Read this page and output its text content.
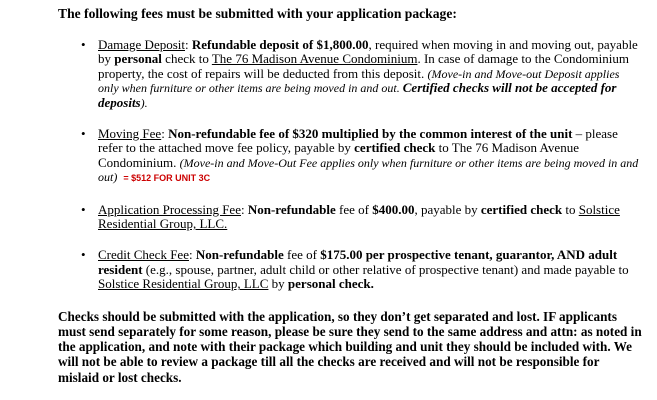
The following fees must be submitted with your application package:
• Damage Deposit: Refundable deposit of $1,800.00, required when moving in and moving out, payable by personal check to The 76 Madison Avenue Condominium. In case of damage to the Condominium property, the cost of repairs will be deducted from this deposit. (Move-in and Move-out Deposit applies only when furniture or other items are being moved in and out. Certified checks will not be accepted for deposits).
• Moving Fee: Non-refundable fee of $320 multiplied by the common interest of the unit – please refer to the attached move fee policy, payable by certified check to The 76 Madison Avenue Condominium. (Move-in and Move-Out Fee applies only when furniture or other items are being moved in and out) = $512 FOR UNIT 3C
• Application Processing Fee: Non-refundable fee of $400.00, payable by certified check to Solstice Residential Group, LLC.
• Credit Check Fee: Non-refundable fee of $175.00 per prospective tenant, guarantor, AND adult resident (e.g., spouse, partner, adult child or other relative of prospective tenant) and made payable to Solstice Residential Group, LLC by personal check.
Checks should be submitted with the application, so they don’t get separated and lost. IF applicants must send separately for some reason, please be sure they send to the same address and attn: as noted in the application, and note with their package which building and unit they should be included with. We will not be able to review a package till all the checks are received and will not be responsible for mislaid or lost checks.
